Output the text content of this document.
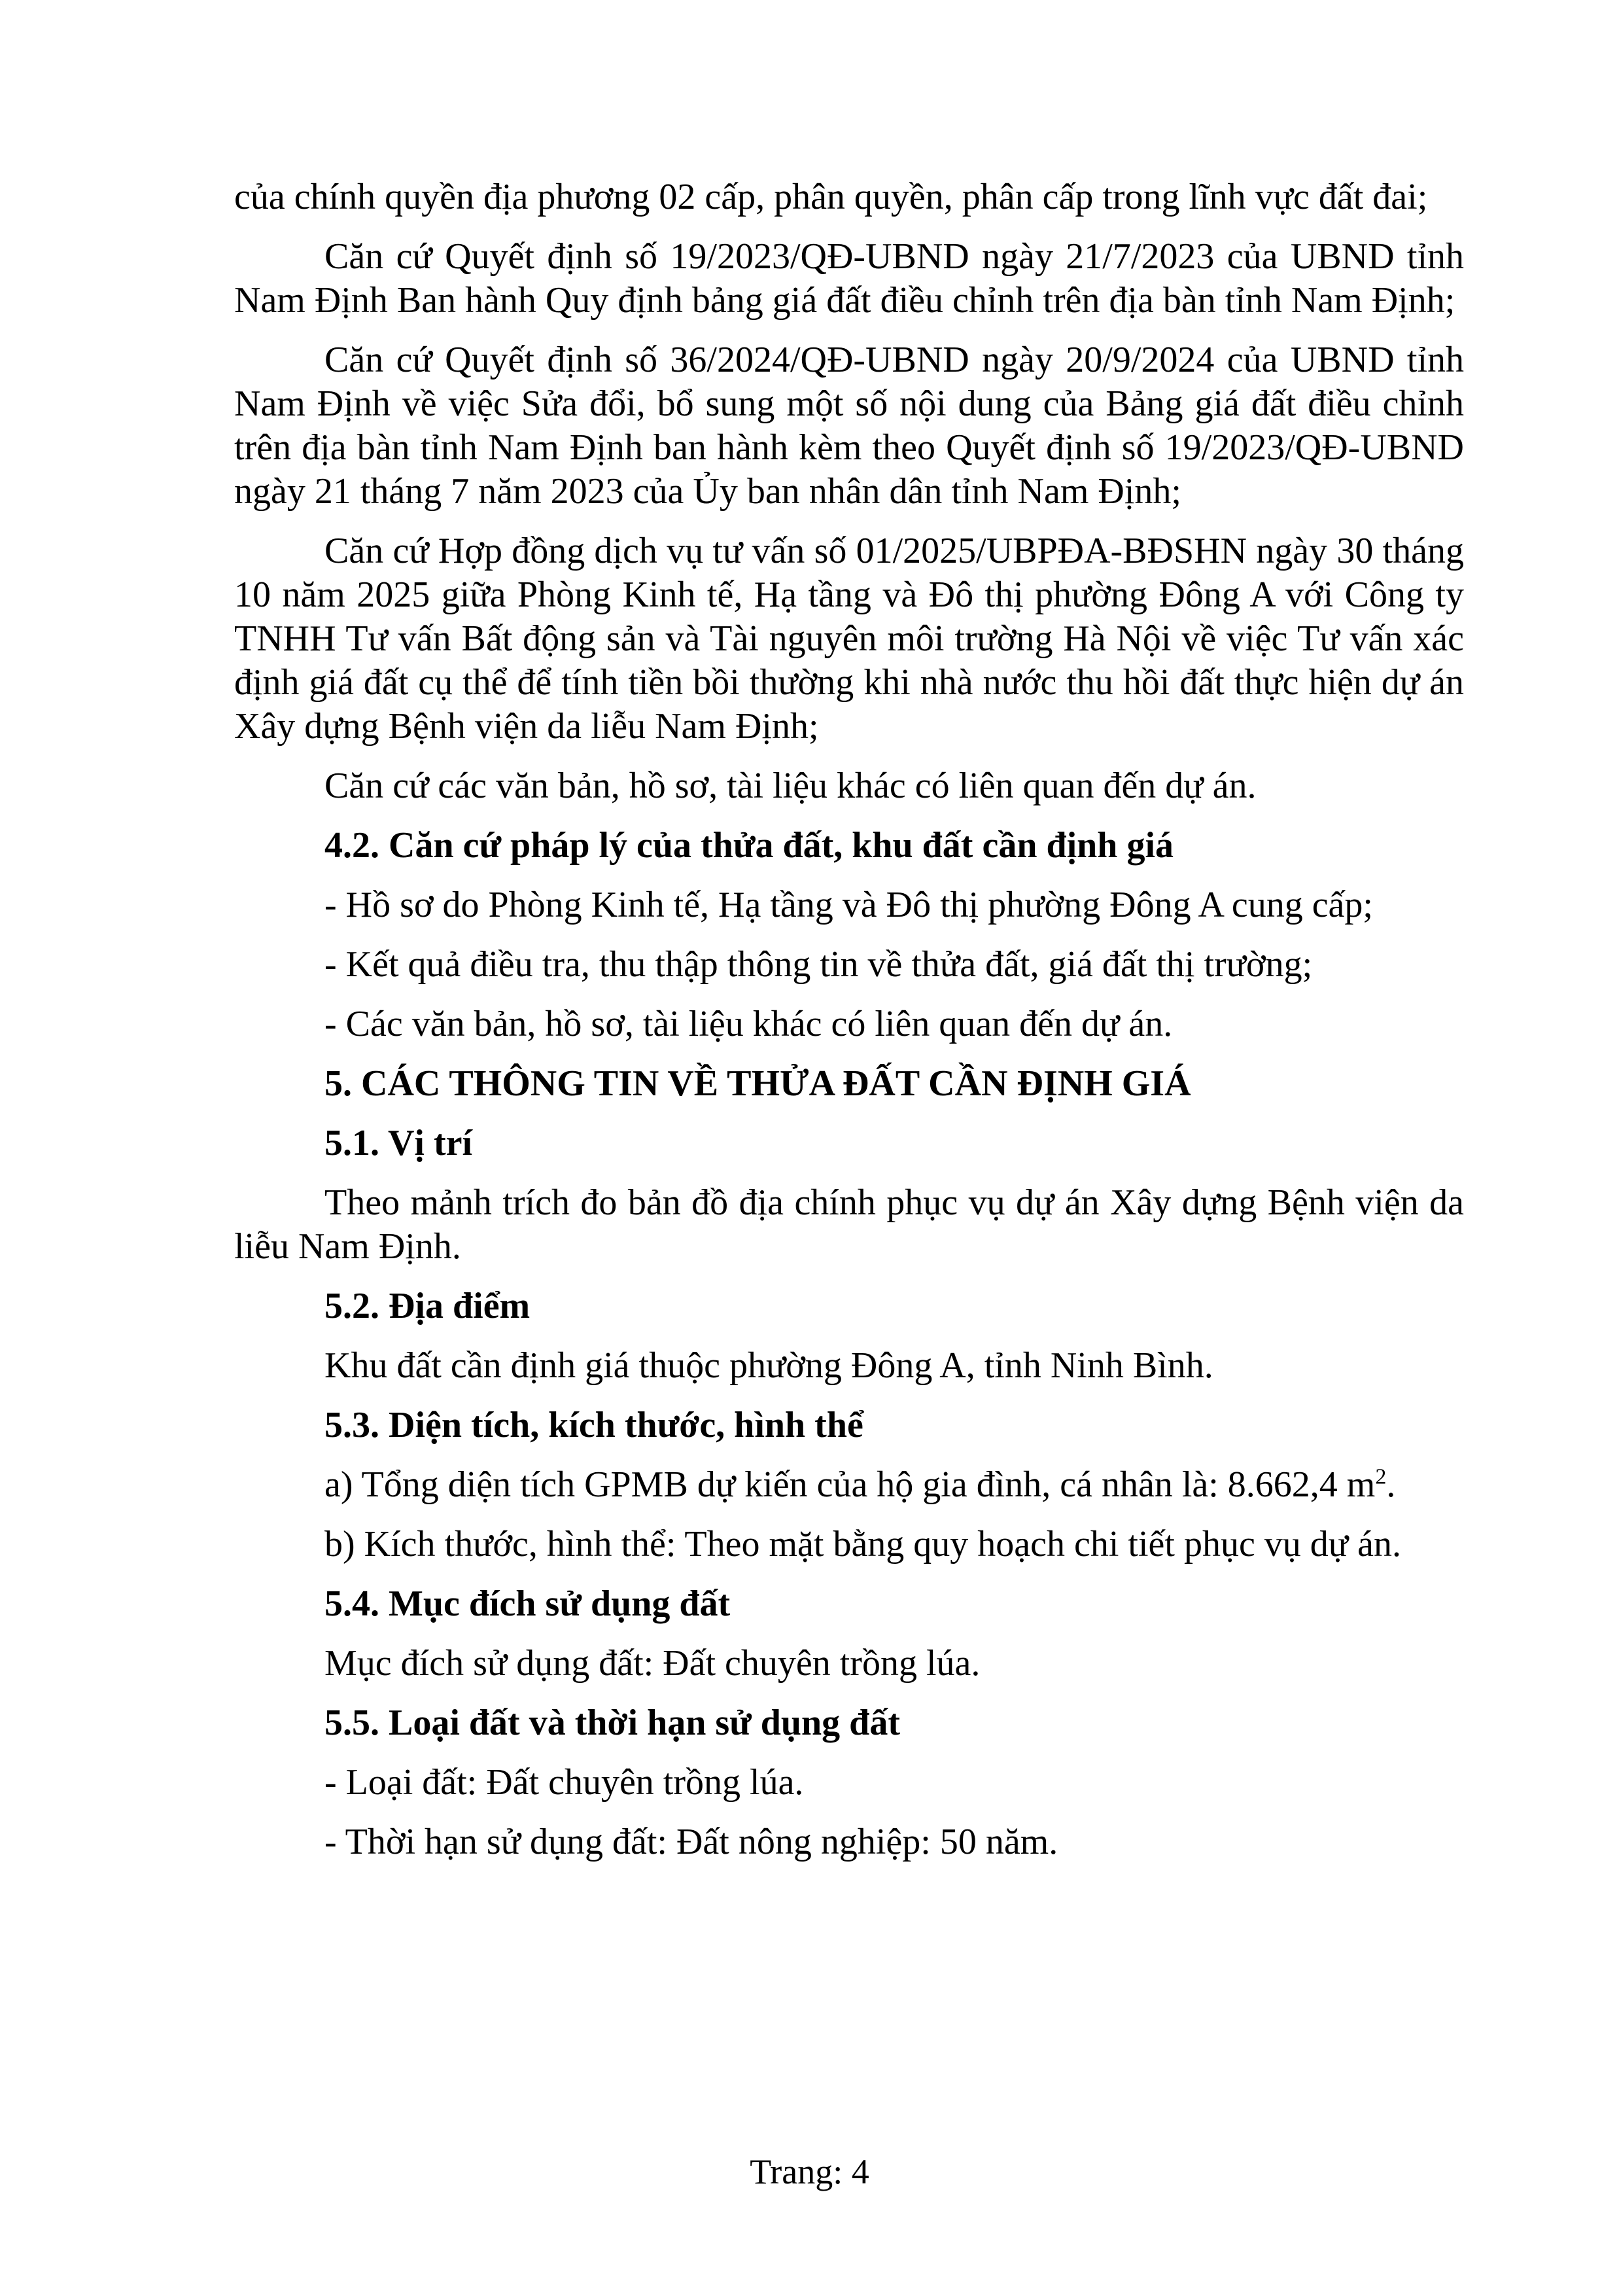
của chính quyền địa phương 02 cấp, phân quyền, phân cấp trong lĩnh vực đất đai;

Căn cứ Quyết định số 19/2023/QĐ-UBND ngày 21/7/2023 của UBND tỉnh Nam Định Ban hành Quy định bảng giá đất điều chỉnh trên địa bàn tỉnh Nam Định;

Căn cứ Quyết định số 36/2024/QĐ-UBND ngày 20/9/2024 của UBND tỉnh Nam Định về việc Sửa đổi, bổ sung một số nội dung của Bảng giá đất điều chỉnh trên địa bàn tỉnh Nam Định ban hành kèm theo Quyết định số 19/2023/QĐ-UBND ngày 21 tháng 7 năm 2023 của Ủy ban nhân dân tỉnh Nam Định;

Căn cứ Hợp đồng dịch vụ tư vấn số 01/2025/UBPĐA-BĐSHN ngày 30 tháng 10 năm 2025 giữa Phòng Kinh tế, Hạ tầng và Đô thị phường Đông A với Công ty TNHH Tư vấn Bất động sản và Tài nguyên môi trường Hà Nội về việc Tư vấn xác định giá đất cụ thể để tính tiền bồi thường khi nhà nước thu hồi đất thực hiện dự án Xây dựng Bệnh viện da liễu Nam Định;

Căn cứ các văn bản, hồ sơ, tài liệu khác có liên quan đến dự án.

4.2. Căn cứ pháp lý của thửa đất, khu đất cần định giá

- Hồ sơ do Phòng Kinh tế, Hạ tầng và Đô thị phường Đông A cung cấp;

- Kết quả điều tra, thu thập thông tin về thửa đất, giá đất thị trường;

- Các văn bản, hồ sơ, tài liệu khác có liên quan đến dự án.

5. CÁC THÔNG TIN VỀ THỬA ĐẤT CẦN ĐỊNH GIÁ

5.1. Vị trí

Theo mảnh trích đo bản đồ địa chính phục vụ dự án Xây dựng Bệnh viện da liễu Nam Định.

5.2. Địa điểm

Khu đất cần định giá thuộc phường Đông A, tỉnh Ninh Bình.

5.3. Diện tích, kích thước, hình thể

a) Tổng diện tích GPMB dự kiến của hộ gia đình, cá nhân là: 8.662,4 $m^2$.

b) Kích thước, hình thể: Theo mặt bằng quy hoạch chi tiết phục vụ dự án.

5.4. Mục đích sử dụng đất

Mục đích sử dụng đất: Đất chuyên trồng lúa.

5.5. Loại đất và thời hạn sử dụng đất

- Loại đất: Đất chuyên trồng lúa.

- Thời hạn sử dụng đất: Đất nông nghiệp: 50 năm.

Trang: 4
